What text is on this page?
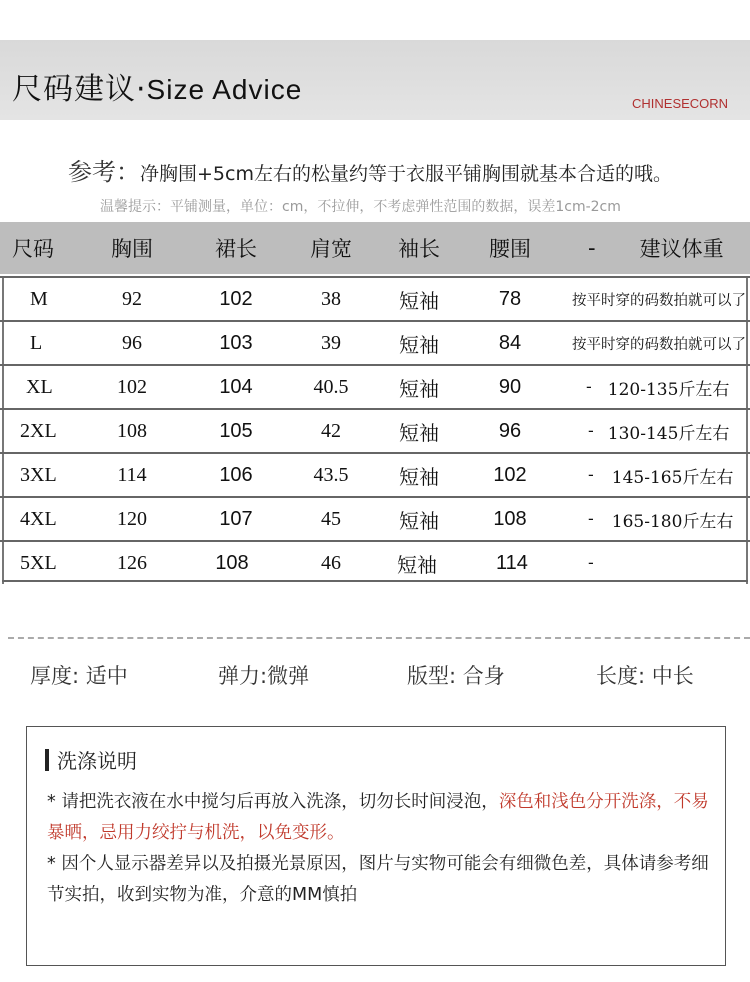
尺码建议·Size Advice	CHINESECORN
参考：净胸围+5cm左右的松量约等于衣服平铺胸围就基本合适的哦。
温馨提示：平铺测量，单位：cm，不拉伸，不考虑弹性范围的数据，误差1cm-2cm
尺码	胸围	裙长	肩宽	袖长	腰围	- 建议体重
M	92	102	38	短袖	78	按平时穿的码数拍就可以了
L	96	103	39	短袖	84	按平时穿的码数拍就可以了
XL	102	104	40.5	短袖	90	- 120-135斤左右
2XL	108	105	42	短袖	96	- 130-145斤左右
3XL	114	106	43.5	短袖	102	- 145-165斤左右
4XL	120	107	45	短袖	108	- 165-180斤左右
5XL	126	108	46	短袖	114	-
厚度: 适中	弹力:微弹	版型: 合身	长度: 中长
洗涤说明
* 请把洗衣液在水中搅匀后再放入洗涤，切勿长时间浸泡，深色和浅色分开洗涤，不易暴晒，忌用力绞拧与机洗，以免变形。
* 因个人显示器差异以及拍摄光景原因，图片与实物可能会有细微色差，具体请参考细节实拍，收到实物为准，介意的MM慎拍
